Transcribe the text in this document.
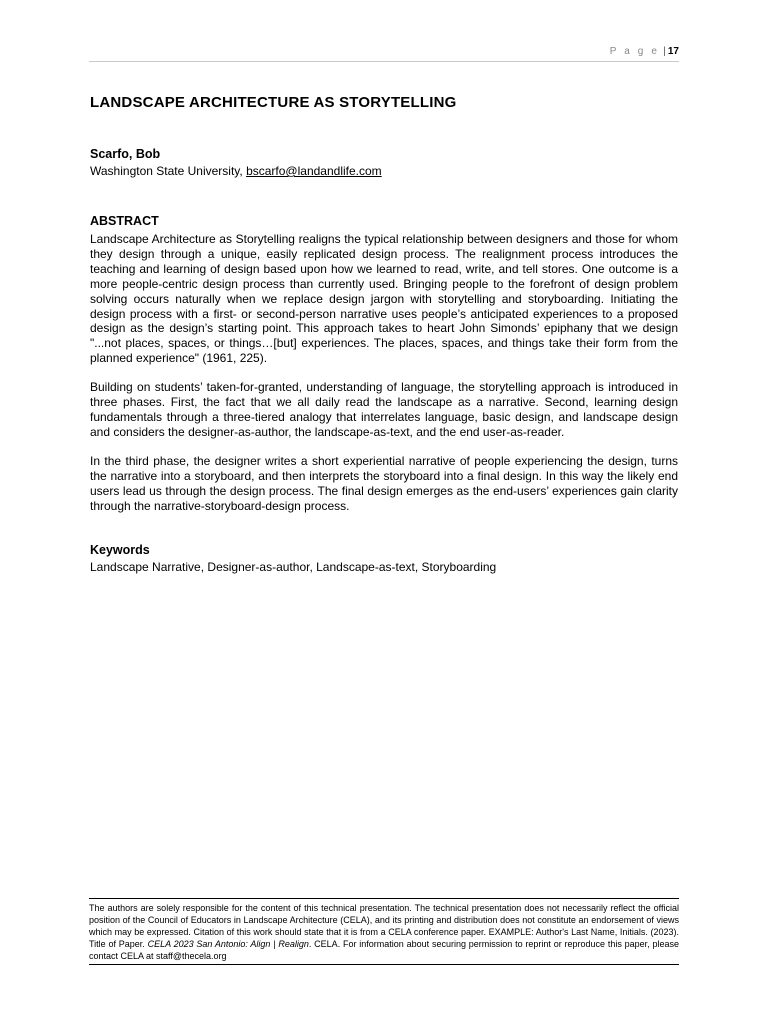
P a g e | 17
LANDSCAPE ARCHITECTURE AS STORYTELLING
Scarfo, Bob
Washington State University, bscarfo@landandlife.com
ABSTRACT

Landscape Architecture as Storytelling realigns the typical relationship between designers and those for whom they design through a unique, easily replicated design process. The realignment process introduces the teaching and learning of design based upon how we learned to read, write, and tell stores. One outcome is a more people-centric design process than currently used. Bringing people to the forefront of design problem solving occurs naturally when we replace design jargon with storytelling and storyboarding. Initiating the design process with a first- or second-person narrative uses people’s anticipated experiences to a proposed design as the design’s starting point. This approach takes to heart John Simonds’ epiphany that we design "...not places, spaces, or things…[but] experiences. The places, spaces, and things take their form from the planned experience" (1961, 225).

Building on students’ taken-for-granted, understanding of language, the storytelling approach is introduced in three phases. First, the fact that we all daily read the landscape as a narrative. Second, learning design fundamentals through a three-tiered analogy that interrelates language, basic design, and landscape design and considers the designer-as-author, the landscape-as-text, and the end user-as-reader.

In the third phase, the designer writes a short experiential narrative of people experiencing the design, turns the narrative into a storyboard, and then interprets the storyboard into a final design. In this way the likely end users lead us through the design process. The final design emerges as the end-users’ experiences gain clarity through the narrative-storyboard-design process.

Keywords
Landscape Narrative, Designer-as-author, Landscape-as-text, Storyboarding

The authors are solely responsible for the content of this technical presentation. The technical presentation does not necessarily reflect the official position of the Council of Educators in Landscape Architecture (CELA), and its printing and distribution does not constitute an endorsement of views which may be expressed. Citation of this work should state that it is from a CELA conference paper. EXAMPLE: Author's Last Name, Initials. (2023). Title of Paper. CELA 2023 San Antonio: Align | Realign. CELA. For information about securing permission to reprint or reproduce this paper, please contact CELA at staff@thecela.org
